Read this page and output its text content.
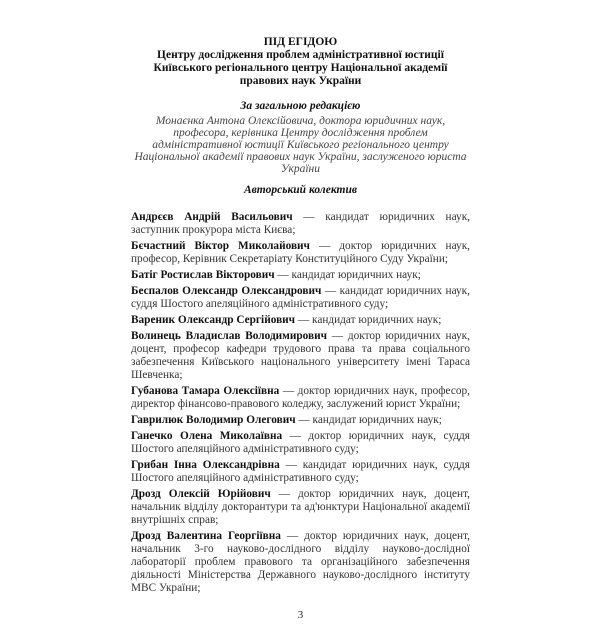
ПІД ЕГІДОЮ
Центру дослідження проблем адміністративної юстиції Київського регіонального центру Національної академії правових наук України
За загальною редакцією
Монаєнка Антона Олексійовича, доктора юридичних наук, професора, керівника Центру дослідження проблем адміністративної юстиції Київського регіонального центру Національної академії правових наук України, заслуженого юриста України
Авторський колектив
Андрєєв Андрій Васильович — кандидат юридичних наук, заступник прокурора міста Києва;
Бєчастний Віктор Миколайович — доктор юридичних наук, професор, Керівник Секретаріату Конституційного Суду України;
Батіг Ростислав Вікторович — кандидат юридичних наук;
Беспалов Олександр Олександрович — кандидат юридичних наук, суддя Шостого апеляційного адміністративного суду;
Вареник Олександр Сергійович — кандидат юридичних наук;
Волинець Владислав Володимирович — доктор юридичних наук, доцент, професор кафедри трудового права та права соціального забезпечення Київського національного університету імені Тараса Шевченка;
Губанова Тамара Олексіївна — доктор юридичних наук, професор, директор фінансово-правового коледжу, заслужений юрист України;
Гаврилюк Володимир Олегович — кандидат юридичних наук;
Ганечко Олена Миколаївна — доктор юридичних наук, суддя Шостого апеляційного адміністративного суду;
Грибан Інна Олександрівна — кандидат юридичних наук, суддя Шостого апеляційного адміністративного суду;
Дрозд Олексій Юрійович — доктор юридичних наук, доцент, начальник відділу докторантури та ад'юнктури Національної академії внутрішніх справ;
Дрозд Валентина Георгіївна — доктор юридичних наук, доцент, начальник 3-го науково-дослідного відділу науково-дослідної лабораторії проблем правового та організаційного забезпечення діяльності Міністерства Державного науково-дослідного інституту МВС України;
3
